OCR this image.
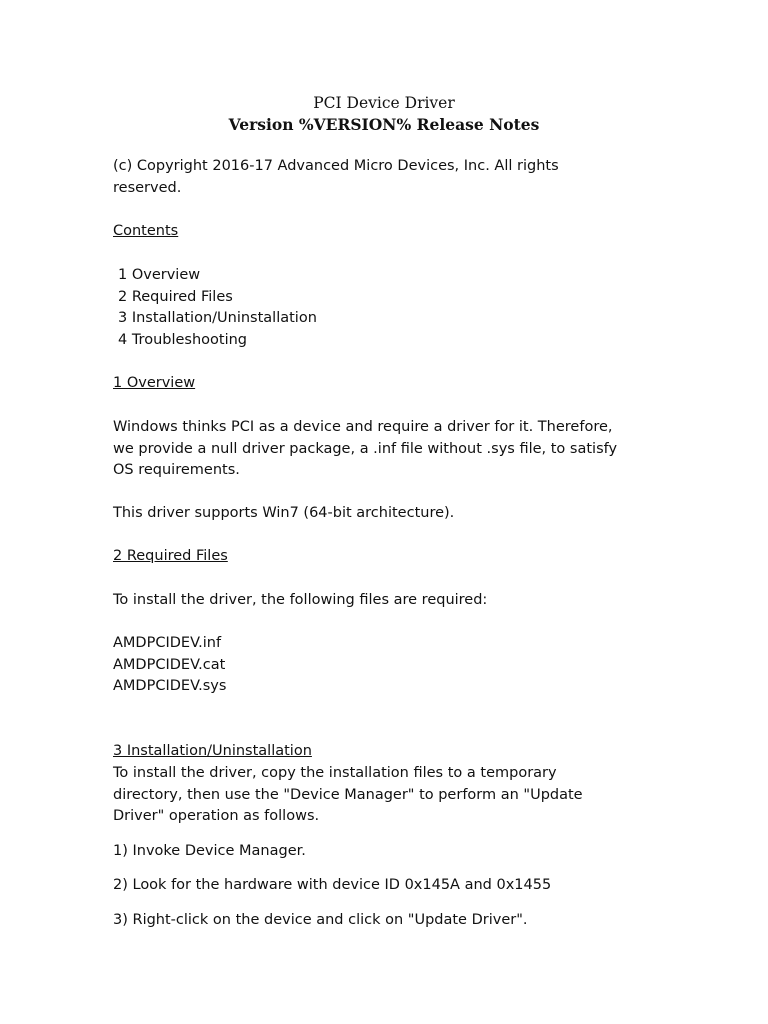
PCI Device Driver
Version %VERSION% Release Notes
(c) Copyright 2016-17 Advanced Micro Devices, Inc. All rights
reserved.
Contents
1 Overview
2 Required Files
3 Installation/Uninstallation
4 Troubleshooting
1 Overview
Windows thinks PCI as a device and require a driver for it. Therefore,
we provide a null driver package, a .inf file without .sys file, to satisfy
OS requirements.
This driver supports Win7 (64-bit architecture).
2 Required Files
To install the driver, the following files are required:
AMDPCIDEV.inf
AMDPCIDEV.cat
AMDPCIDEV.sys
3 Installation/Uninstallation
To install the driver, copy the installation files to a temporary
directory, then use the "Device Manager" to perform an "Update
Driver" operation as follows.
1) Invoke Device Manager.
2) Look for the hardware with device ID 0x145A and 0x1455
3) Right-click on the device and click on "Update Driver".
